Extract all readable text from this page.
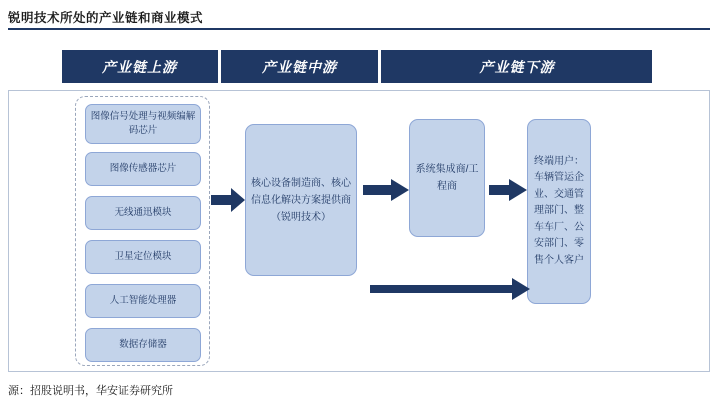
锐明技术所处的产业链和商业模式
产业链上游	产业链中游	产业链下游
图像信号处理与视频编解码芯片
图像传感器芯片
无线通迅模块
卫星定位模块
人工智能处理器
数据存储器
核心设备制造商、核心信息化解决方案提供商（锐明技术）
系统集成商/工程商
终端用户：车辆管运企业、交通管理部门、整车车厂、公安部门、零售个人客户
源：招股说明书，华安证券研究所
